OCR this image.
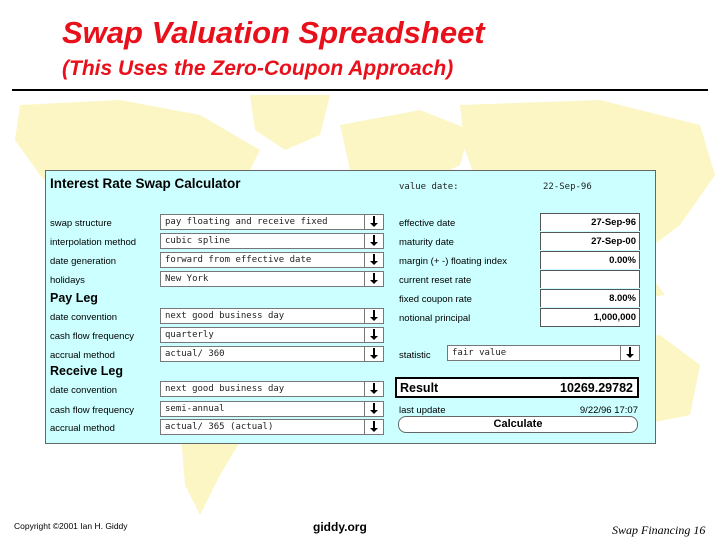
Swap Valuation Spreadsheet
(This Uses the Zero-Coupon Approach)
Interest Rate Swap Calculator	value date:	22-Sep-96
swap structure	pay floating and receive fixed
interpolation method	cubic spline
date generation	forward from effective date
holidays	New York
Pay Leg
date convention	next good business day
cash flow frequency	quarterly
accrual method	actual/ 360
Receive Leg
date convention	next good business day
cash flow frequency	semi-annual
accrual method	actual/ 365 (actual)
effective date	27-Sep-96
maturity date	27-Sep-00
margin (+ -) floating index	0.00%
current reset rate
fixed coupon rate	8.00%
notional principal	1,000,000
statistic fair value
Result	10269.29782
last update	9/22/96 17:07
Calculate
Copyright ©2001 Ian H. Giddy	giddy.org	Swap Financing 16
